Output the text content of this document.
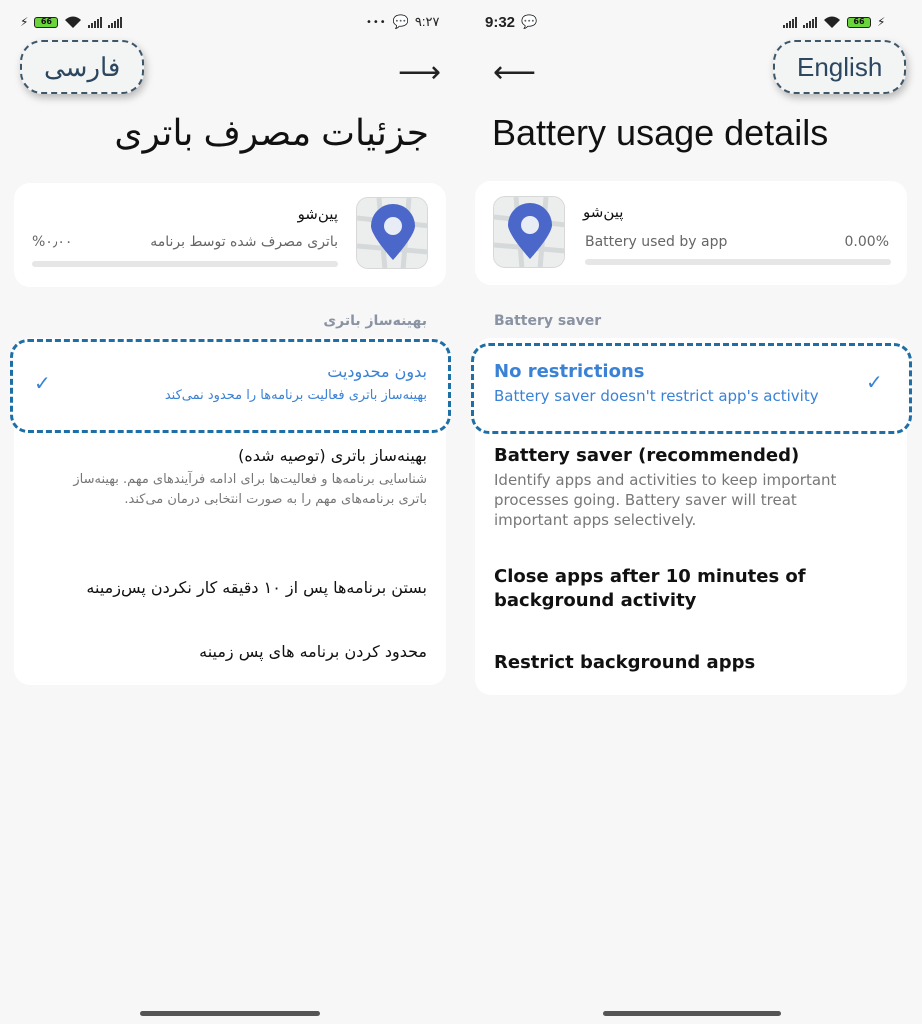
⚡	66	••• 💬 ۹:۲۷
فارسی	⟶
جزئیات مصرف باتری
پین‌شو
باتری مصرف شده توسط برنامه
%۰٫۰۰
بهینه‌ساز باتری
بدون محدودیت
بهینه‌ساز باتری فعالیت برنامه‌ها را محدود نمی‌کند
✓
بهینه‌ساز باتری (توصیه شده)
شناسایی برنامه‌ها و فعالیت‌ها برای ادامه فرآیندهای مهم. بهینه‌ساز باتری برنامه‌های مهم را به صورت انتخابی درمان می‌کند.
بستن برنامه‌ها پس از ۱۰ دقیقه کار نکردن پس‌زمینه
محدود کردن برنامه های پس زمینه
9:32 💬	66	⚡
⟵	English
Battery usage details
پین‌شو
Battery used by app	0.00%
Battery saver
No restrictions
Battery saver doesn't restrict app's activity
✓
Battery saver (recommended)
Identify apps and activities to keep important processes going. Battery saver will treat important apps selectively.
Close apps after 10 minutes of background activity
Restrict background apps
